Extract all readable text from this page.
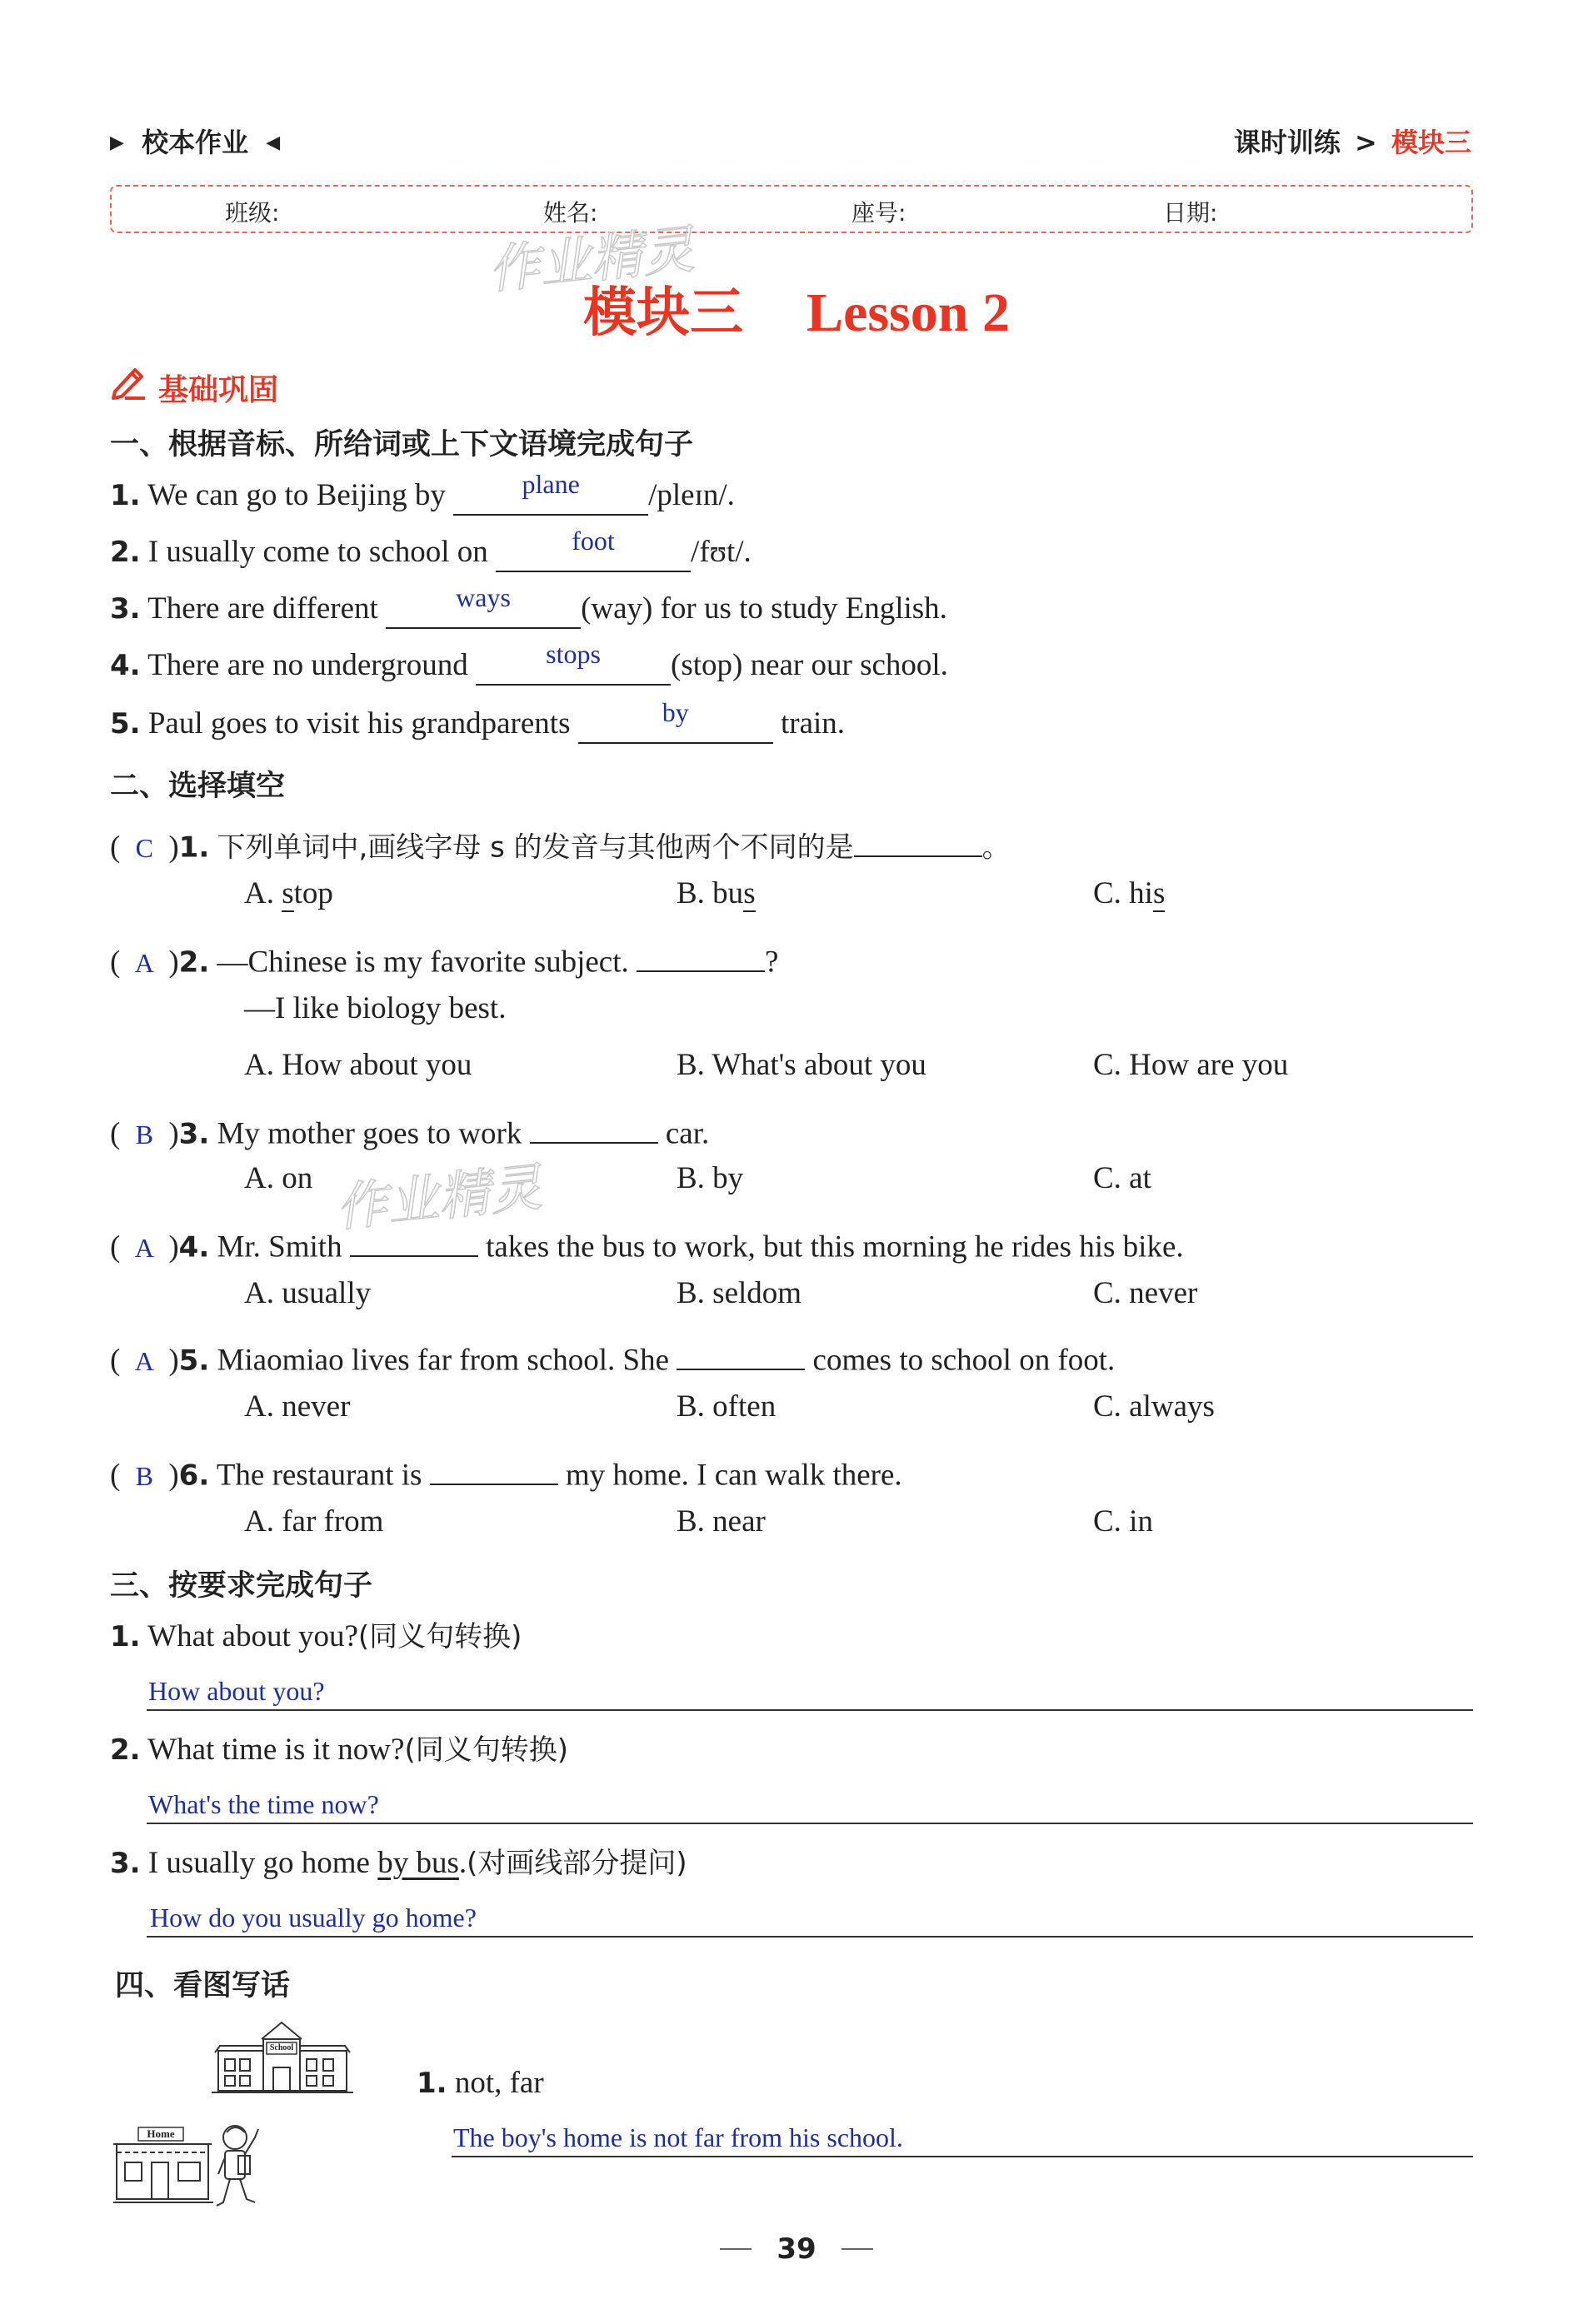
▶ 校本作业 ◀	课时训练 > 模块三
班级:	姓名:	座号:	日期:
作业精灵
作业精灵
模块三 Lesson 2
基础巩固
一、根据音标、所给词或上下文语境完成句子
1. We can go to Beijing by	plane /pleɪn/.
2. I usually come to school on	foot /fʊt/.
3. There are different	ways (way) for us to study English.
4. There are no underground	stops (stop) near our school.
5. Paul goes to visit his grandparents	by	train.
二、选择填空
( C )1. 下列单词中,画线字母 s 的发音与其他两个不同的是	。
A. stop	B. bus	C. his
( A )2. —Chinese is my favorite subject.	?
—I like biology best.
A. How about you	B. What's about you	C. How are you
( B )3. My mother goes to work	car.
A. on	B. by	C. at
( A )4. Mr. Smith	takes the bus to work, but this morning he rides his bike.
A. usually	B. seldom	C. never
( A )5. Miaomiao lives far from school. She	comes to school on foot.
A. never	B. often	C. always
( B )6. The restaurant is	my home. I can walk there.
A. far from	B. near	C. in
三、按要求完成句子
1. What about you?(同义句转换)
How about you?
2. What time is it now?(同义句转换)
What's the time now?
3. I usually go home by bus.(对画线部分提问)
How do you usually go home?
四、看图写话
School
Home
1. not, far
The boy's home is not far from his school.
39
